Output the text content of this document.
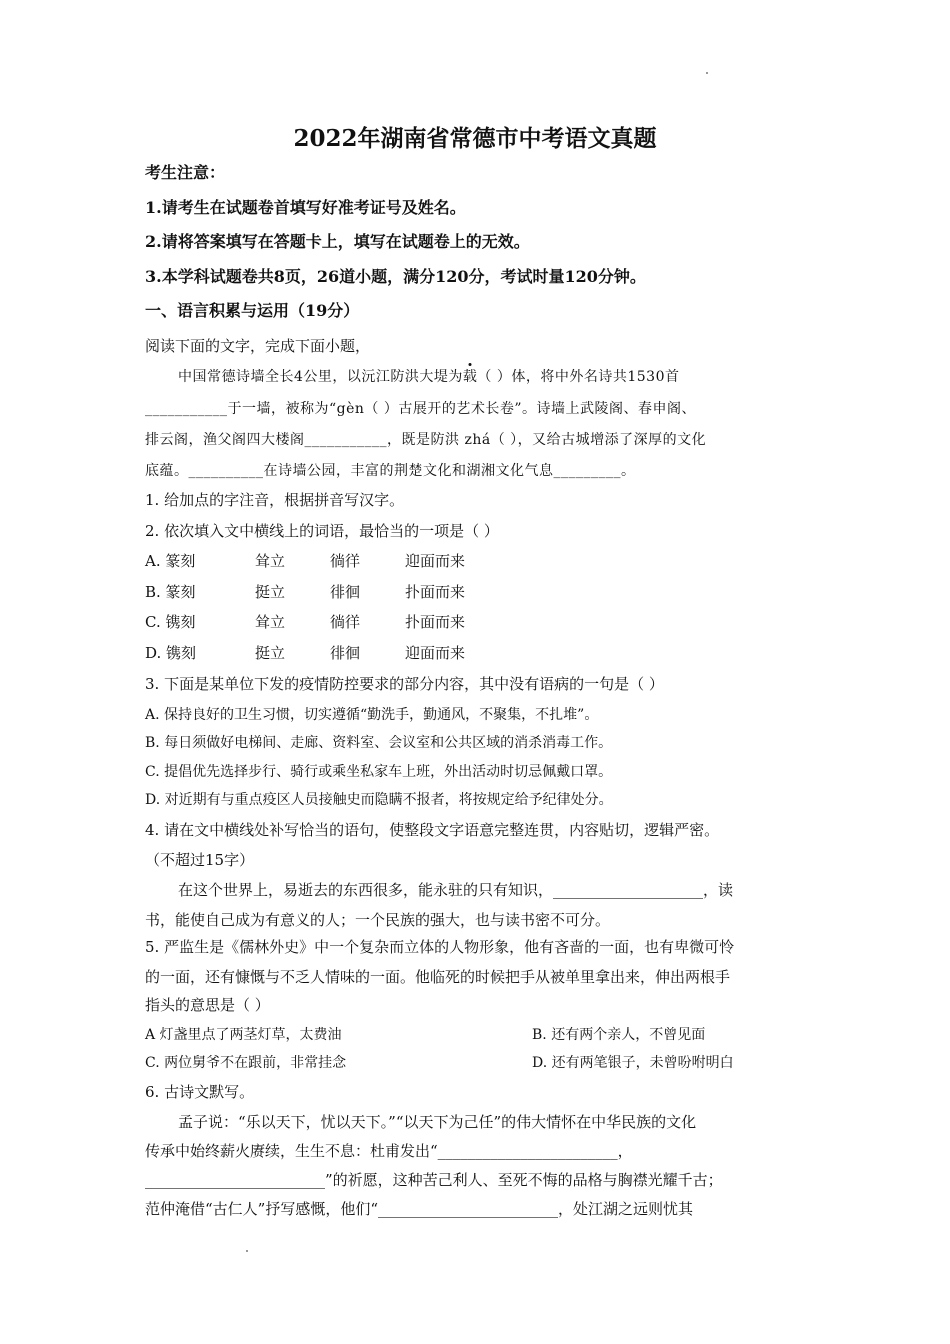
2022年湖南省常德市中考语文真题
考生注意：
1.请考生在试题卷首填写好准考证号及姓名。
2.请将答案填写在答题卡上，填写在试题卷上的无效。
3.本学科试题卷共8页，26道小题，满分120分，考试时量120分钟。
一、语言积累与运用（19分）
阅读下面的文字，完成下面小题，
中国常德诗墙全长4公里，以沅江防洪大堤为
载（ ）体，将中外名诗共1530首
___________于一墙，被称为“gèn（ ）古展开的艺术长卷”。诗墙上武陵阁、春申阁、
排云阁，渔父阁四大楼阁___________，既是防洪 zhá（ ），又给古城增添了深厚的文化
底蕴。__________在诗墙公园，丰富的荆楚文化和湖湘文化气息_________。
1. 给加点的字注音，根据拼音写汉字。
2. 依次填入文中横线上的词语，最恰当的一项是（ ）
A. 篆刻	耸立	徜徉	迎面而来
B. 篆刻	挺立	徘徊	扑面而来
C. 镌刻	耸立	徜徉	扑面而来
D. 镌刻	挺立	徘徊	迎面而来
3. 下面是某单位下发的疫情防控要求的部分内容，其中没有语病的一句是（ ）
A. 保持良好的卫生习惯，切实遵循“勤洗手，勤通风，不聚集，不扎堆”。
B. 每日须做好电梯间、走廊、资料室、会议室和公共区域的消杀消毒工作。
C. 提倡优先选择步行、骑行或乘坐私家车上班，外出活动时切忌佩戴口罩。
D. 对近期有与重点疫区人员接触史而隐瞒不报者，将按规定给予纪律处分。
4. 请在文中横线处补写恰当的语句，使整段文字语意完整连贯，内容贴切，逻辑严密。
（不超过15字）
在这个世界上，易逝去的东西很多，能永驻的只有知识，____________________，读
书，能使自己成为有意义的人；一个民族的强大，也与读书密不可分。
5. 严监生是《儒林外史》中一个复杂而立体的人物形象，他有吝啬的一面，也有卑微可怜
的一面，还有慷慨与不乏人情味的一面。他临死的时候把手从被单里拿出来，伸出两根手
指头的意思是（ ）
A 灯盏里点了两茎灯草，太费油	B. 还有两个亲人，不曾见面
C. 两位舅爷不在跟前，非常挂念	D. 还有两笔银子，未曾吩咐明白
6. 古诗文默写。
孟子说：“乐以天下，忧以天下。”“以天下为己任”的伟大情怀在中华民族的文化
传承中始终薪火赓续，生生不息：杜甫发出“________________________，
________________________”的祈愿，这种苦己利人、至死不悔的品格与胸襟光耀千古；
范仲淹借“古仁人”抒写感慨，他们“________________________，处江湖之远则忧其
